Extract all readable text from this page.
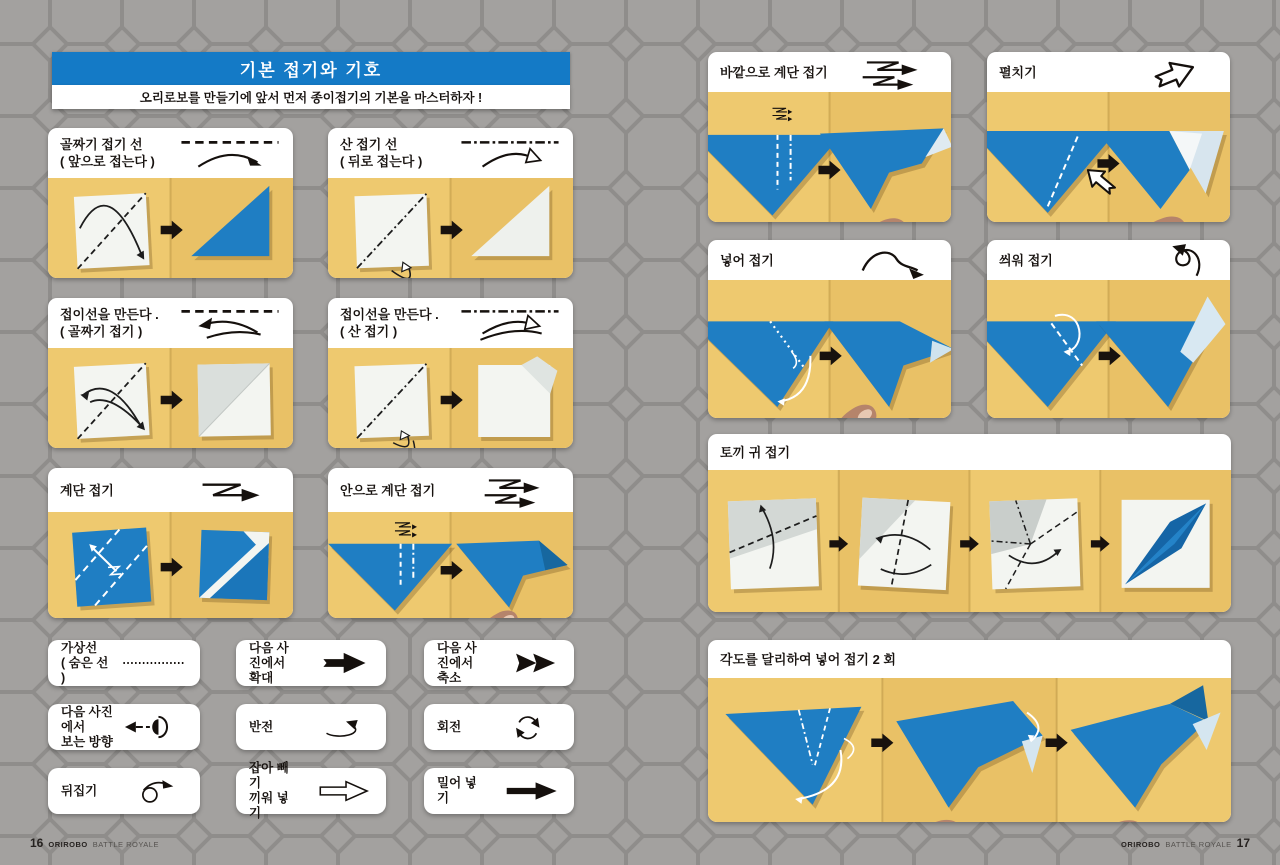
기본 접기와 기호
오리로보를 만들기에 앞서 먼저 종이접기의 기본을 마스터하자 !
골짜기 접기 선
( 앞으로 접는다 )
산 접기 선
( 뒤로 접는다 )
접이선을 만든다 .
( 골짜기 접기 )
접이선을 만든다 .
( 산 접기 )
계단 접기	안으로 계단 접기
바깥으로 계단 접기	펼치기
넣어 접기	씌워 접기
토끼 귀 접기
각도를 달리하여 넣어 접기 2 회
가상선
( 숨은 선 )
다음 사진에서 확대
다음 사진에서 축소
다음 사진에서
보는 방향
반전	회전
뒤집기
잡아 빼기
끼워 넣기
밀어 넣기
16 ORIROBO BATTLE ROYALE	ORIROBO BATTLE ROYALE 17
